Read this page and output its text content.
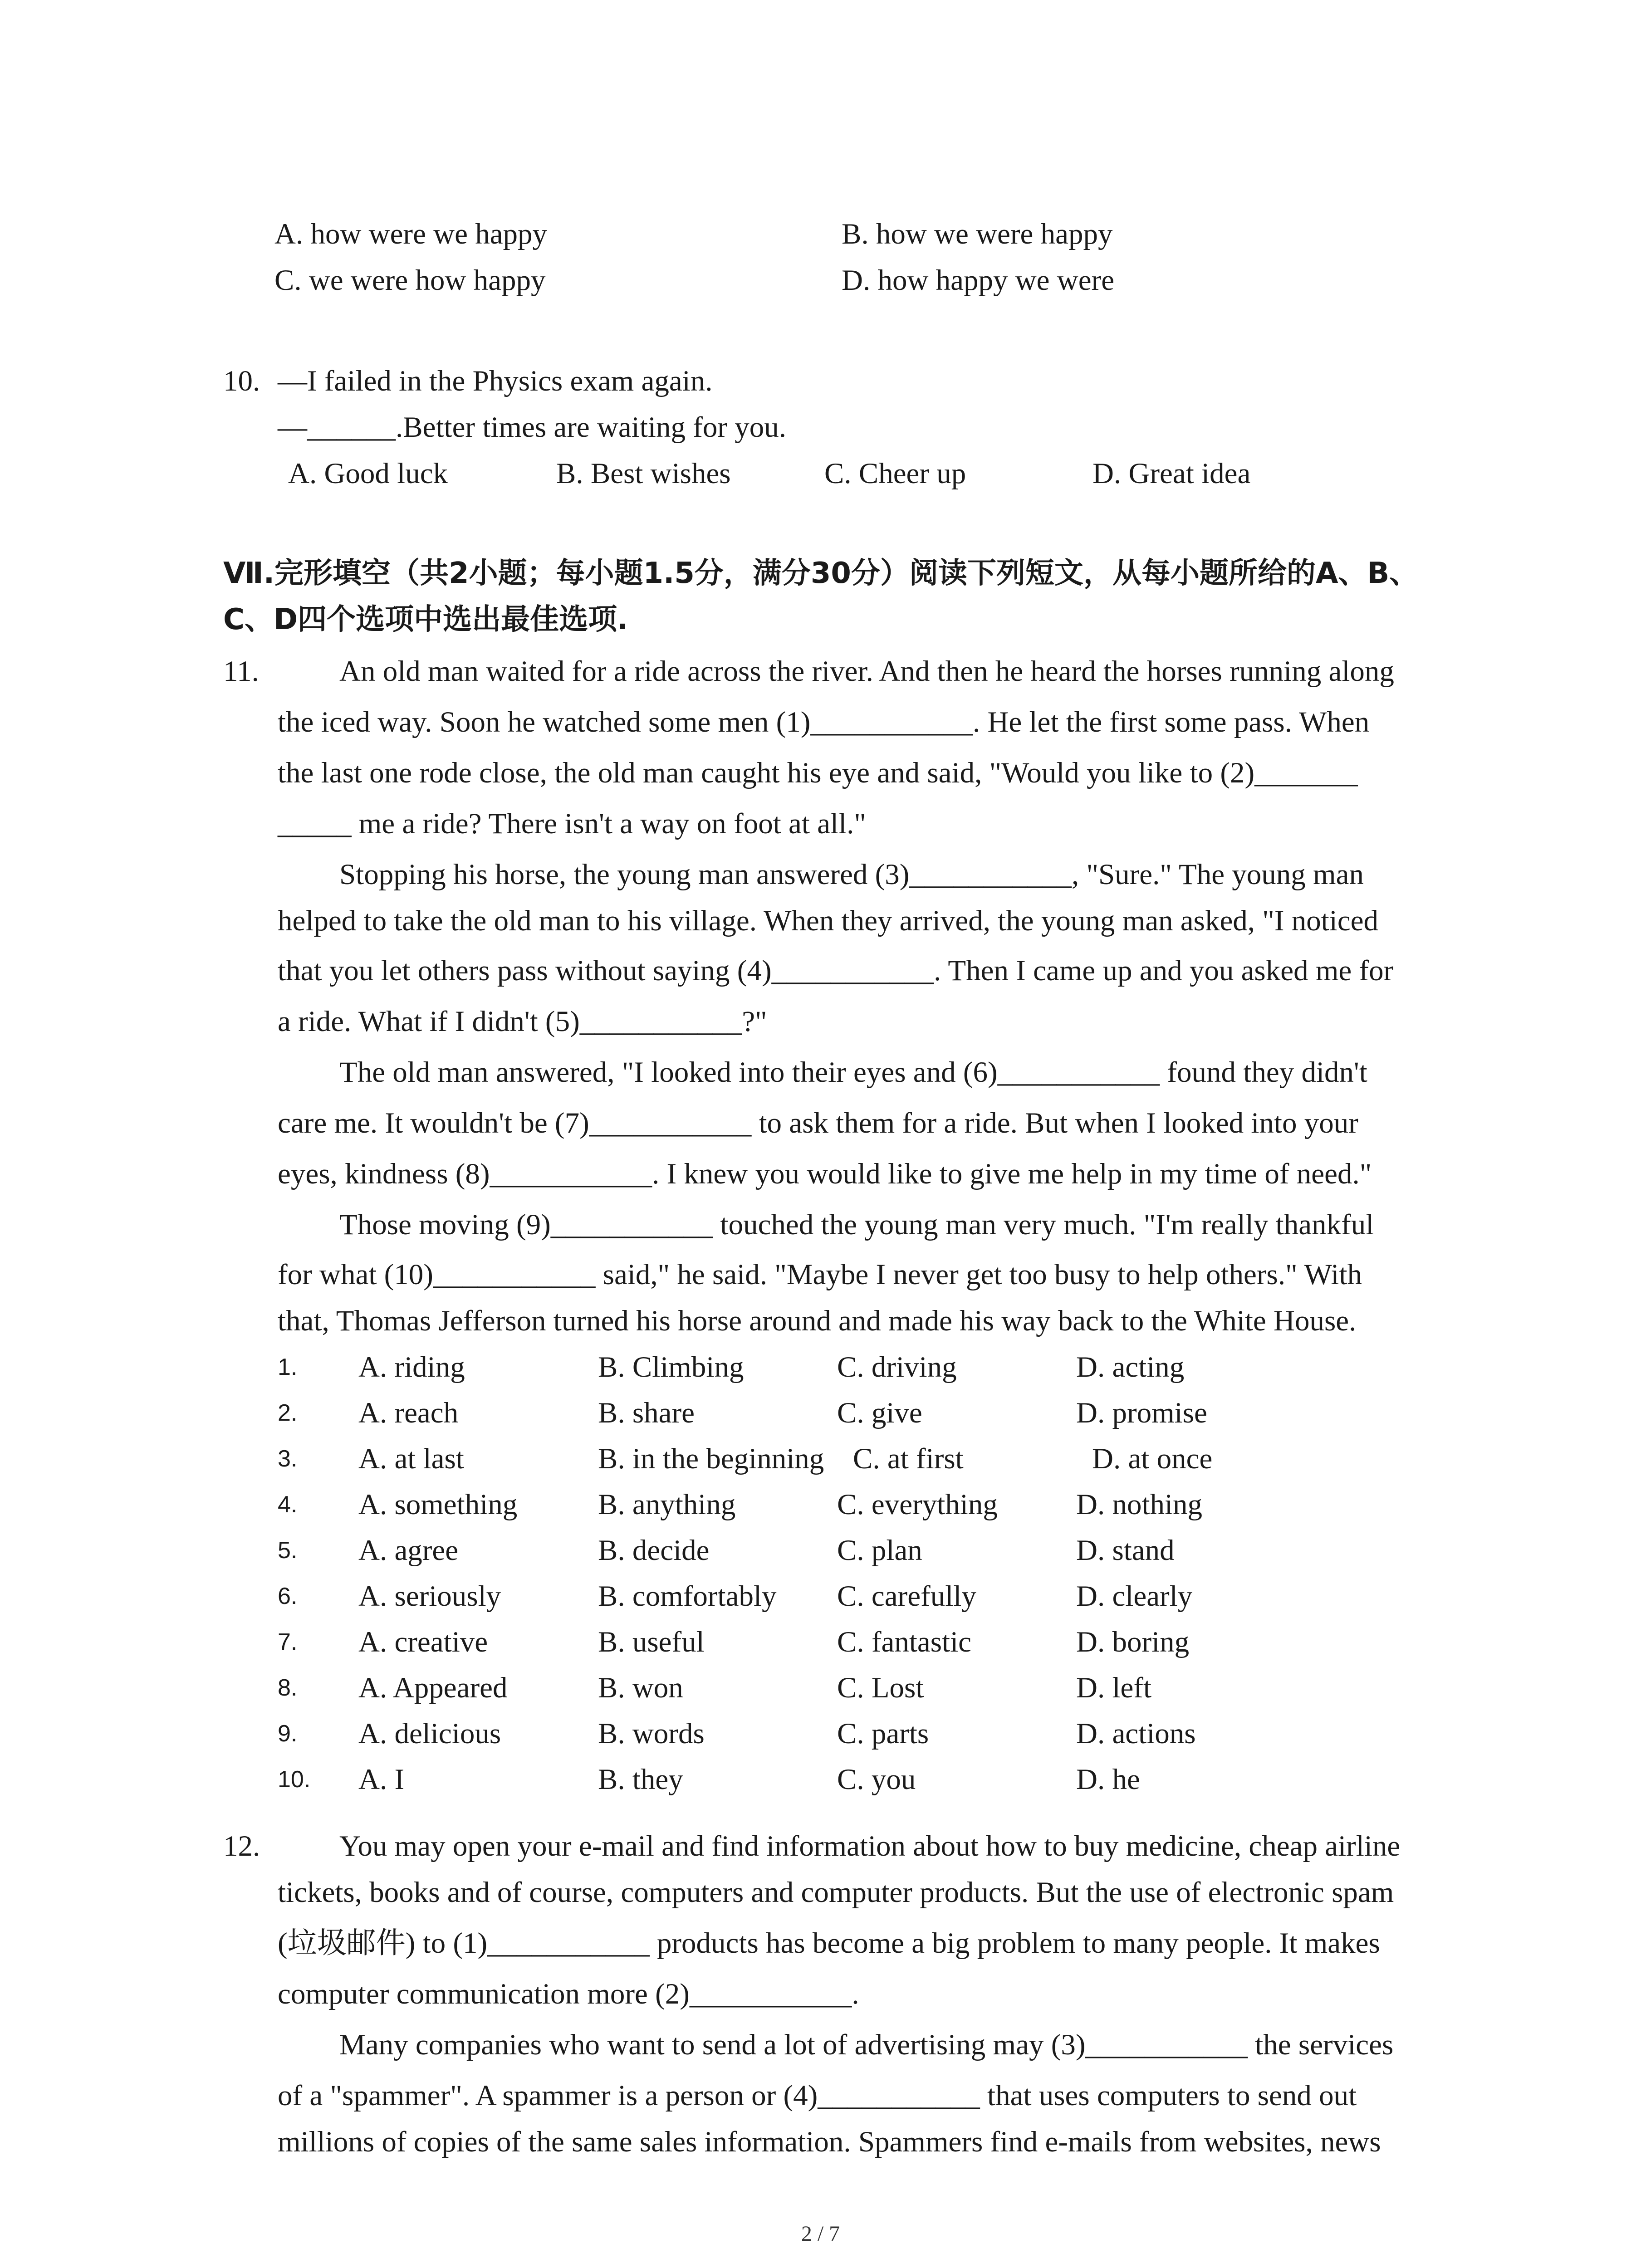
A. how were we happy	B. how we were happy
C. we were how happy	D. how happy we were
10. —I failed in the Physics exam again.
—______.Better times are waiting for you.
A. Good luck	B. Best wishes	C. Cheer up	D. Great idea
Ⅶ.完形填空（共2小题；每小题1.5分，满分30分）阅读下列短文，从每小题所给的A、B、
C、D四个选项中选出最佳选项.
11.	An old man waited for a ride across the river. And then he heard the horses running along
the iced way. Soon he watched some men (1)___________. He let the first some pass. When
the last one rode close, the old man caught his eye and said, "Would you like to (2)_______
_____ me a ride? There isn't a way on foot at all."
Stopping his horse, the young man answered (3)___________, "Sure." The young man
helped to take the old man to his village. When they arrived, the young man asked, "I noticed
that you let others pass without saying (4)___________. Then I came up and you asked me for
a ride. What if I didn't (5)___________?"
The old man answered, "I looked into their eyes and (6)___________ found they didn't
care me. It wouldn't be (7)___________ to ask them for a ride. But when I looked into your
eyes, kindness (8)___________. I knew you would like to give me help in my time of need."
Those moving (9)___________ touched the young man very much. "I'm really thankful
for what (10)___________ said," he said. "Maybe I never get too busy to help others." With
that, Thomas Jefferson turned his horse around and made his way back to the White House.
1. A. riding	B. Climbing	C. driving	D. acting
2. A. reach	B. share	C. give	D. promise
3. A. at last	B. in the beginning C. at first	D. at once
4. A. something	B. anything	C. everything	D. nothing
5. A. agree	B. decide	C. plan	D. stand
6. A. seriously	B. comfortably C. carefully	D. clearly
7. A. creative	B. useful	C. fantastic	D. boring
8. A. Appeared	B. won	C. Lost	D. left
9. A. delicious	B. words	C. parts	D. actions
10. A. I	B. they	C. you	D. he
12.	You may open your e-mail and find information about how to buy medicine, cheap airline
tickets, books and of course, computers and computer products. But the use of electronic spam
(垃圾邮件) to (1)___________ products has become a big problem to many people. It makes
computer communication more (2)___________.
Many companies who want to send a lot of advertising may (3)___________ the services
of a "spammer". A spammer is a person or (4)___________ that uses computers to send out
millions of copies of the same sales information. Spammers find e-mails from websites, news
2 / 7
